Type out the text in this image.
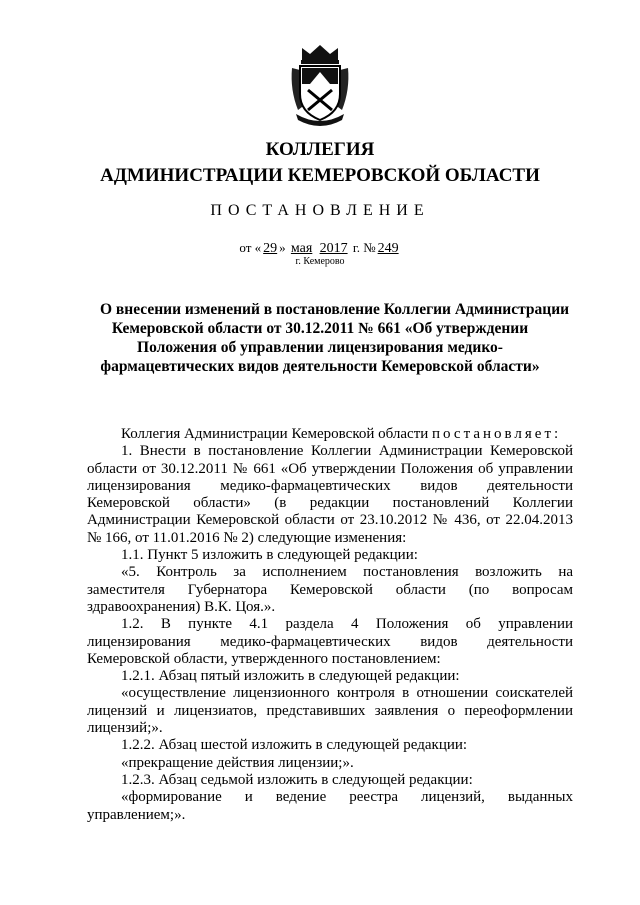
КОЛЛЕГИЯ
АДМИНИСТРАЦИИ КЕМЕРОВСКОЙ ОБЛАСТИ
ПОСТАНОВЛЕНИЕ
от « 29 » мая 2017 г. № 249
г. Кемерово
О внесении изменений в постановление Коллегии Администрации
Кемеровской области от 30.12.2011 № 661 «Об утверждении
Положения об управлении лицензирования медико-
фармацевтических видов деятельности Кемеровской области»
Коллегия Администрации Кемеровской области постановляет:
1. Внести в постановление Коллегии Администрации Кемеровской
области от 30.12.2011 № 661 «Об утверждении Положения об управлении
лицензирования медико-фармацевтических видов деятельности
Кемеровской области» (в редакции постановлений Коллегии
Администрации Кемеровской области от 23.10.2012 № 436, от 22.04.2013
№ 166, от 11.01.2016 № 2) следующие изменения:
1.1. Пункт 5 изложить в следующей редакции:
«5. Контроль за исполнением постановления возложить на
заместителя Губернатора Кемеровской области (по вопросам
здравоохранения) В.К. Цоя.».
1.2. В пункте 4.1 раздела 4 Положения об управлении
лицензирования медико-фармацевтических видов деятельности
Кемеровской области, утвержденного постановлением:
1.2.1. Абзац пятый изложить в следующей редакции:
«осуществление лицензионного контроля в отношении соискателей
лицензий и лицензиатов, представивших заявления о переоформлении
лицензий;».
1.2.2. Абзац шестой изложить в следующей редакции:
«прекращение действия лицензии;».
1.2.3. Абзац седьмой изложить в следующей редакции:
«формирование и ведение реестра лицензий, выданных
управлением;».
